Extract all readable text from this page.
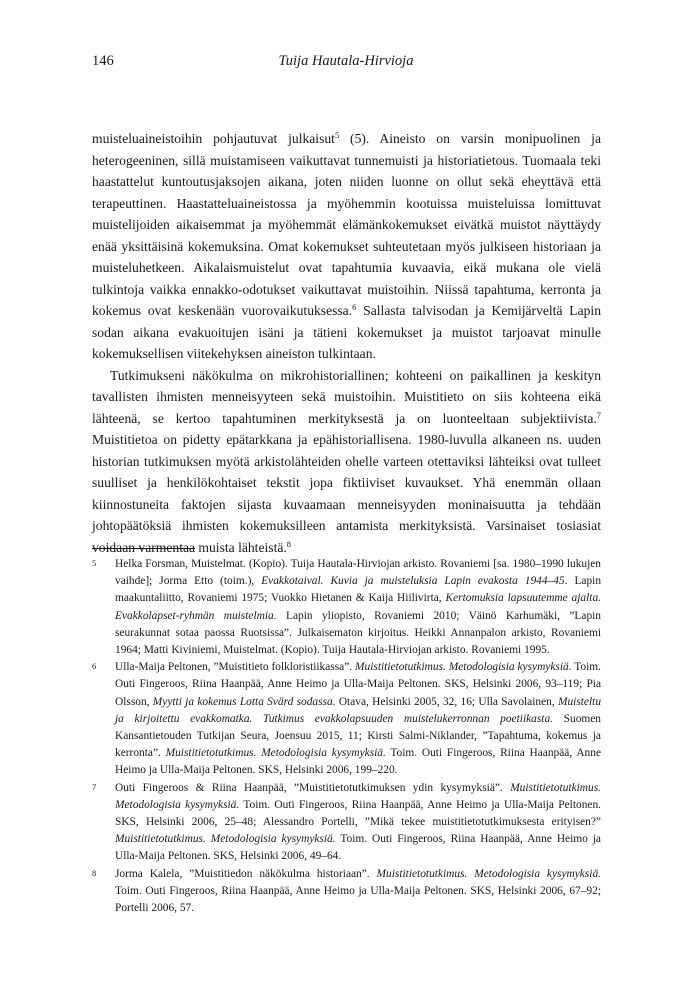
146	Tuija Hautala-Hirvioja

muisteluaineistoihin pohjautuvat julkaisut$^5$ (5). Aineisto on varsin monipuolinen ja heterogeeninen, sillä muistamiseen vaikuttavat tunnemuisti ja historiatietous. Tuomaala teki haastattelut kuntoutusjaksojen aikana, joten niiden luonne on ollut sekä eheyttävä että terapeuttinen. Haastatteluaineistossa ja myöhemmin kootuissa muisteluissa lomittuvat muistelijoiden aikaisemmat ja myöhemmät elämänkokemukset eivätkä muistot näyttäydy enää yksittäisinä kokemuksina. Omat kokemukset suhteutetaan myös julkiseen historiaan ja muisteluhetkeen. Aikalaismuistelut ovat tapahtumia kuvaavia, eikä mukana ole vielä tulkintoja vaikka ennakko-odotukset vaikuttavat muistoihin. Niissä tapahtuma, kerronta ja kokemus ovat keskenään vuorovaikutuksessa.$^6$ Sallasta talvisodan ja Kemijärveltä Lapin sodan aikana evakuoitujen isäni ja tätieni kokemukset ja muistot tarjoavat minulle kokemuksellisen viitekehyksen aineiston tulkintaan.

Tutkimukseni näkökulma on mikrohistoriallinen; kohteeni on paikallinen ja keskityn tavallisten ihmisten menneisyyteen sekä muistoihin. Muistitieto on siis kohteena eikä lähteenä, se kertoo tapahtuminen merkityksestä ja on luonteeltaan subjektiivista.$^7$ Muistitietoa on pidetty epätarkkana ja epähistoriallisena. 1980-luvulla alkaneen ns. uuden historian tutkimuksen myötä arkistolähteiden ohelle varteen otettaviksi lähteiksi ovat tulleet suulliset ja henkilökohtaiset tekstit jopa fiktiiviset kuvaukset. Yhä enemmän ollaan kiinnostuneita faktojen sijasta kuvaamaan menneisyyden moninaisuutta ja tehdään johtopäätöksiä ihmisten kokemuksilleen antamista merkityksistä. Varsinaiset tosiasiat voidaan varmentaa muista lähteistä.$^8$

5	Helka Forsman, Muistelmat. (Kopio). Tuija Hautala-Hirviojan arkisto. Rovaniemi [sa. 1980–1990 lukujen vaihde]; Jorma Etto (toim.), Evakkotaival. Kuvia ja muisteluksia Lapin evakosta 1944–45. Lapin maakuntaliitto, Rovaniemi 1975; Vuokko Hietanen & Kaija Hiilivirta, Kertomuksia lapsuutemme ajalta. Evakkolapset-ryhmän muistelmia. Lapin yliopisto, Rovaniemi 2010; Väinö Karhumäki, ”Lapin seurakunnat sotaa paossa Ruotsissa”. Julkaisematon kirjoitus. Heikki Annanpalon arkisto, Rovaniemi 1964; Matti Kiviniemi, Muistelmat. (Kopio). Tuija Hautala-Hirviojan arkisto. Rovaniemi 1995.
6	Ulla-Maija Peltonen, ”Muistitieto folkloristiikassa”. Muistitietotutkimus. Metodologisia kysymyksiä. Toim. Outi Fingeroos, Riina Haanpää, Anne Heimo ja Ulla-Maija Peltonen. SKS, Helsinki 2006, 93–119; Pia Olsson, Myytti ja kokemus Lotta Svärd sodassa. Otava, Helsinki 2005, 32, 16; Ulla Savolainen, Muisteltu ja kirjoitettu evakkomatka. Tutkimus evakkolapsuuden muistelukerronnan poetiikasta. Suomen Kansantietouden Tutkijan Seura, Joensuu 2015, 11; Kirsti Salmi-Niklander, ”Tapahtuma, kokemus ja kerronta”. Muistitietotutkimus. Metodologisia kysymyksiä. Toim. Outi Fingeroos, Riina Haanpää, Anne Heimo ja Ulla-Maija Peltonen. SKS, Helsinki 2006, 199–220.
7	Outi Fingeroos & Riina Haanpää, ”Muistitietotutkimuksen ydin kysymyksiä”. Muistitietotutkimus. Metodologisia kysymyksiä. Toim. Outi Fingeroos, Riina Haanpää, Anne Heimo ja Ulla-Maija Peltonen. SKS, Helsinki 2006, 25–48; Alessandro Portelli, ”Mikä tekee muistitietotutkimuksesta erityisen?” Muistitietotutkimus. Metodologisia kysymyksiä. Toim. Outi Fingeroos, Riina Haanpää, Anne Heimo ja Ulla-Maija Peltonen. SKS, Helsinki 2006, 49–64.
8	Jorma Kalela, ”Muistitiedon näkökulma historiaan”. Muistitietotutkimus. Metodologisia kysymyksiä. Toim. Outi Fingeroos, Riina Haanpää, Anne Heimo ja Ulla-Maija Peltonen. SKS, Helsinki 2006, 67–92; Portelli 2006, 57.
